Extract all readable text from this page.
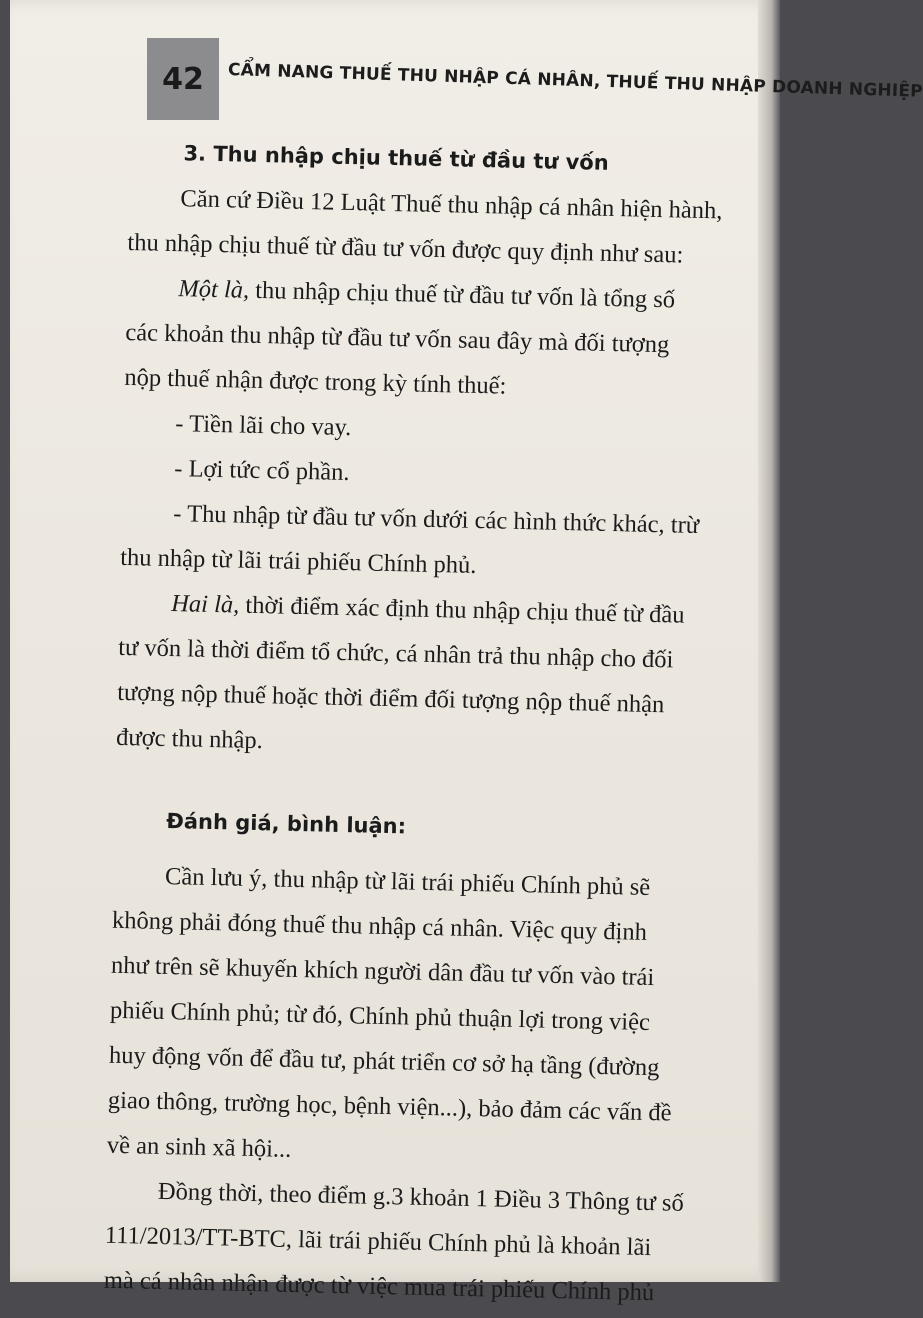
42	CẨM NANG THUẾ THU NHẬP CÁ NHÂN, THUẾ THU NHẬP DOANH NGHIỆP
3. Thu nhập chịu thuế từ đầu tư vốn
Căn cứ Điều 12 Luật Thuế thu nhập cá nhân hiện hành,
thu nhập chịu thuế từ đầu tư vốn được quy định như sau:
Một là, thu nhập chịu thuế từ đầu tư vốn là tổng số
các khoản thu nhập từ đầu tư vốn sau đây mà đối tượng
nộp thuế nhận được trong kỳ tính thuế:
- Tiền lãi cho vay.
- Lợi tức cổ phần.
- Thu nhập từ đầu tư vốn dưới các hình thức khác, trừ
thu nhập từ lãi trái phiếu Chính phủ.
Hai là, thời điểm xác định thu nhập chịu thuế từ đầu
tư vốn là thời điểm tổ chức, cá nhân trả thu nhập cho đối
tượng nộp thuế hoặc thời điểm đối tượng nộp thuế nhận
được thu nhập.
Đánh giá, bình luận:
Cần lưu ý, thu nhập từ lãi trái phiếu Chính phủ sẽ
không phải đóng thuế thu nhập cá nhân. Việc quy định
như trên sẽ khuyến khích người dân đầu tư vốn vào trái
phiếu Chính phủ; từ đó, Chính phủ thuận lợi trong việc
huy động vốn để đầu tư, phát triển cơ sở hạ tầng (đường
giao thông, trường học, bệnh viện...), bảo đảm các vấn đề
về an sinh xã hội...
Đồng thời, theo điểm g.3 khoản 1 Điều 3 Thông tư số
111/2013/TT-BTC, lãi trái phiếu Chính phủ là khoản lãi
mà cá nhân nhận được từ việc mua trái phiếu Chính phủ
